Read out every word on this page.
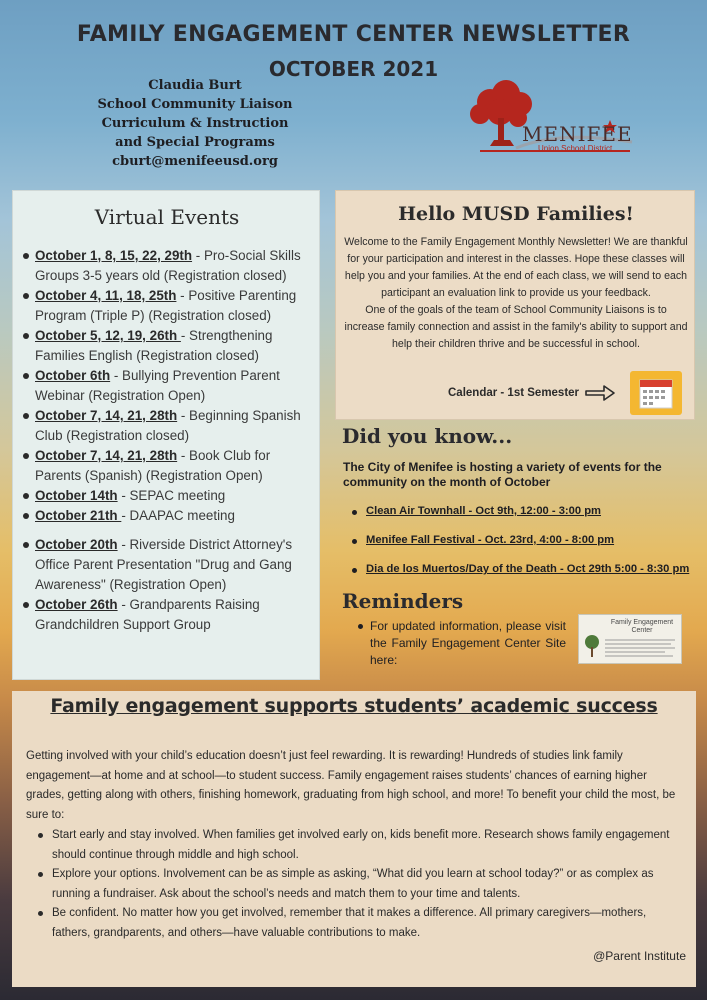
FAMILY ENGAGEMENT CENTER NEWSLETTER
OCTOBER 2021
Claudia Burt
School Community Liaison
Curriculum & Instruction
and Special Programs
cburt@menifeeusd.org
MENIFEE
Union School District
Virtual Events
October 1, 8, 15, 22, 29th - Pro-Social Skills Groups 3-5 years old (Registration closed)
October 4, 11, 18, 25th - Positive Parenting Program (Triple P) (Registration closed)
October 5, 12, 19, 26th - Strengthening Families English (Registration closed)
October 6th - Bullying Prevention Parent Webinar (Registration Open)
October 7, 14, 21, 28th - Beginning Spanish Club (Registration closed)
October 7, 14, 21, 28th - Book Club for Parents (Spanish) (Registration Open)
October 14th - SEPAC meeting
October 21th - DAAPAC meeting
October 20th - Riverside District Attorney's Office Parent Presentation "Drug and Gang Awareness" (Registration Open)
October 26th - Grandparents Raising Grandchildren Support Group
Hello MUSD Families!

Welcome to the Family Engagement Monthly Newsletter! We are thankful for your participation and interest in the classes. Hope these classes will help you and your families. At the end of each class, we will send to each participant an evaluation link to provide us your feedback.

One of the goals of the team of School Community Liaisons is to increase family connection and assist in the family's ability to support and help their children thrive and be successful in school.

Calendar - 1st Semester
Did you know...
The City of Menifee is hosting a variety of events for the community on the month of October
Clean Air Townhall - Oct 9th, 12:00 - 3:00 pm
Menifee Fall Festival - Oct. 23rd, 4:00 - 8:00 pm
Dia de los Muertos/Day of the Death - Oct 29th 5:00 - 8:30 pm
Reminders
For updated information, please visit the Family Engagement Center Site here:
Family Engagement Center
Family engagement supports students’ academic success
Getting involved with your child’s education doesn’t just feel rewarding. It is rewarding! Hundreds of studies link family engagement—at home and at school—to student success. Family engagement raises students’ chances of earning higher grades, getting along with others, finishing homework, graduating from high school, and more! To benefit your child the most, be sure to:
Start early and stay involved. When families get involved early on, kids benefit more. Research shows family engagement should continue through middle and high school.
Explore your options. Involvement can be as simple as asking, “What did you learn at school today?” or as complex as running a fundraiser. Ask about the school’s needs and match them to your time and talents.
Be confident. No matter how you get involved, remember that it makes a difference. All primary caregivers—mothers, fathers, grandparents, and others—have valuable contributions to make.
@Parent Institute
